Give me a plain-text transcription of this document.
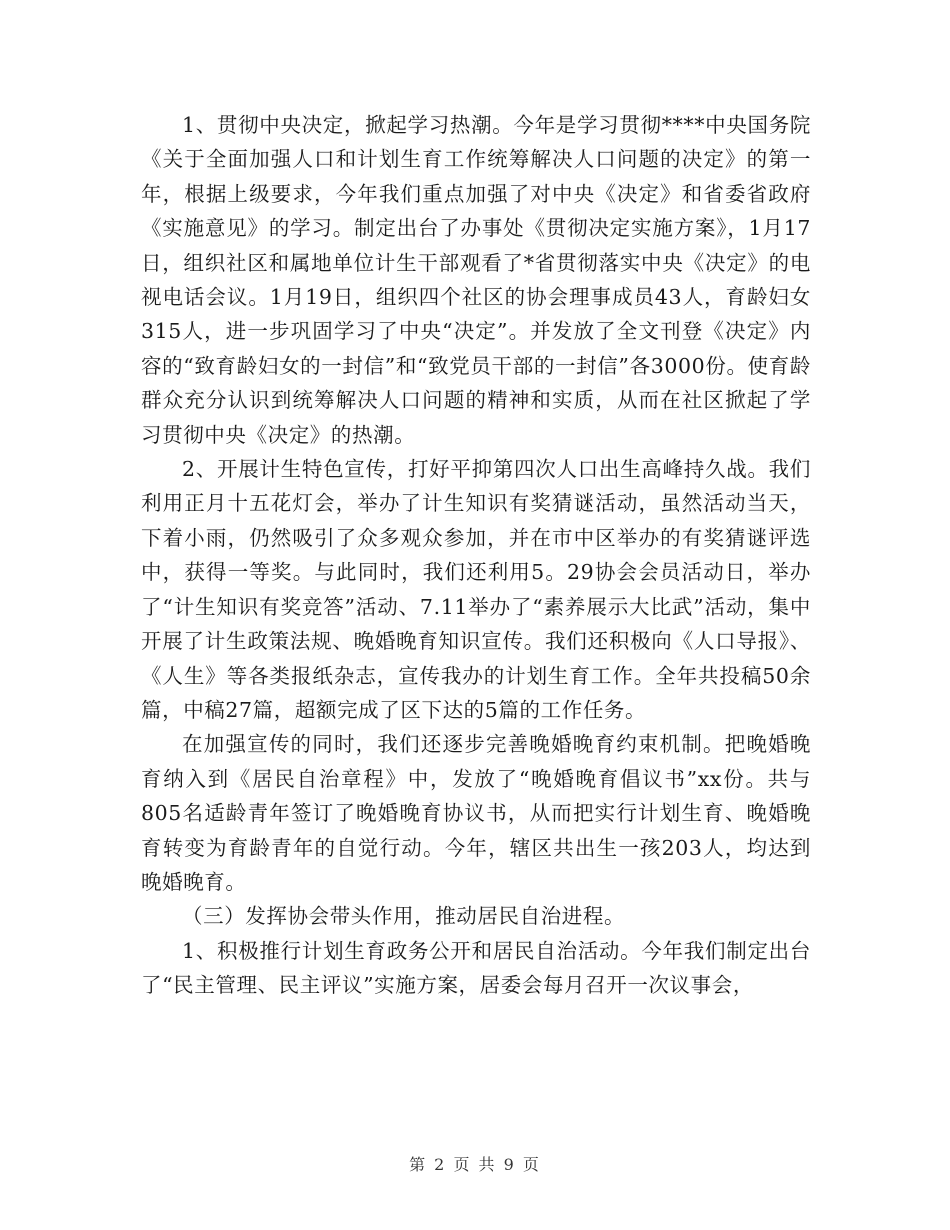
1、贯彻中央决定，掀起学习热潮。今年是学习贯彻****中央国务院《关于全面加强人口和计划生育工作统筹解决人口问题的决定》的第一年，根据上级要求，今年我们重点加强了对中央《决定》和省委省政府《实施意见》的学习。制定出台了办事处《贯彻决定实施方案》，1月17日，组织社区和属地单位计生干部观看了*省贯彻落实中央《决定》的电视电话会议。1月19日，组织四个社区的协会理事成员43人，育龄妇女315人，进一步巩固学习了中央“决定”。并发放了全文刊登《决定》内容的“致育龄妇女的一封信”和“致党员干部的一封信”各3000份。使育龄群众充分认识到统筹解决人口问题的精神和实质，从而在社区掀起了学习贯彻中央《决定》的热潮。

2、开展计生特色宣传，打好平抑第四次人口出生高峰持久战。我们利用正月十五花灯会，举办了计生知识有奖猜谜活动，虽然活动当天，下着小雨，仍然吸引了众多观众参加，并在市中区举办的有奖猜谜评选中，获得一等奖。与此同时，我们还利用5。29协会会员活动日，举办了“计生知识有奖竞答”活动、7.11举办了“素养展示大比武”活动，集中开展了计生政策法规、晚婚晚育知识宣传。我们还积极向《人口导报》、《人生》等各类报纸杂志，宣传我办的计划生育工作。全年共投稿50余篇，中稿27篇，超额完成了区下达的5篇的工作任务。

在加强宣传的同时，我们还逐步完善晚婚晚育约束机制。把晚婚晚育纳入到《居民自治章程》中，发放了“晚婚晚育倡议书”xx份。共与805名适龄青年签订了晚婚晚育协议书，从而把实行计划生育、晚婚晚育转变为育龄青年的自觉行动。今年，辖区共出生一孩203人，均达到晚婚晚育。

（三）发挥协会带头作用，推动居民自治进程。

1、积极推行计划生育政务公开和居民自治活动。今年我们制定出台了“民主管理、民主评议”实施方案，居委会每月召开一次议事会，

第 2 页 共 9 页
